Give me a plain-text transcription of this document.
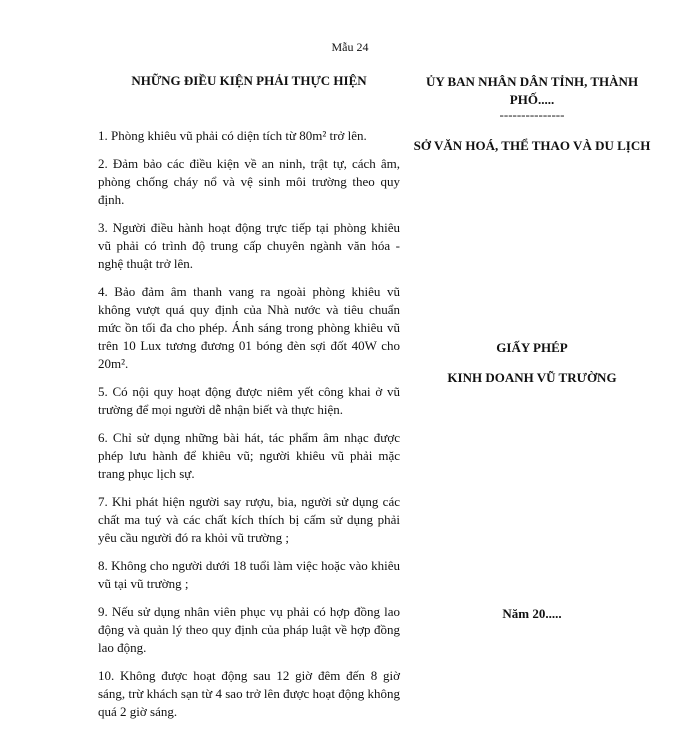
Mẫu 24
NHỮNG ĐIỀU KIỆN PHẢI THỰC HIỆN

1. Phòng khiêu vũ phải có diện tích từ 80m² trở lên.

2. Đảm bảo các điều kiện về an ninh, trật tự, cách âm, phòng chống cháy nổ và vệ sinh môi trường theo quy định.

3. Người điều hành hoạt động trực tiếp tại phòng khiêu vũ phải có trình độ trung cấp chuyên ngành văn hóa - nghệ thuật trở lên.

4. Bảo đảm âm thanh vang ra ngoài phòng khiêu vũ không vượt quá quy định của Nhà nước và tiêu chuẩn mức ồn tối đa cho phép. Ánh sáng trong phòng khiêu vũ trên 10 Lux tương đương 01 bóng đèn sợi đốt 40W cho 20m².

5. Có nội quy hoạt động được niêm yết công khai ở vũ trường để mọi người dễ nhận biết và thực hiện.

6. Chỉ sử dụng những bài hát, tác phẩm âm nhạc được phép lưu hành để khiêu vũ; người khiêu vũ phải mặc trang phục lịch sự.

7. Khi phát hiện người say rượu, bia, người sử dụng các chất ma tuý và các chất kích thích bị cấm sử dụng phải yêu cầu người đó ra khỏi vũ trường ;

8. Không cho người dưới 18 tuổi làm việc hoặc vào khiêu vũ tại vũ trường ;

9. Nếu sử dụng nhân viên phục vụ phải có hợp đồng lao động và quản lý theo quy định của pháp luật về hợp đồng lao động.

10. Không được hoạt động sau 12 giờ đêm đến 8 giờ sáng, trừ khách sạn từ 4 sao trở lên được hoạt động không quá 2 giờ sáng.

ỦY BAN NHÂN DÂN TỈNH, THÀNH PHỐ.....
---------------
SỞ VĂN HOÁ, THỂ THAO VÀ DU LỊCH
GIẤY PHÉP
KINH DOANH VŨ TRƯỜNG
Năm 20.....
